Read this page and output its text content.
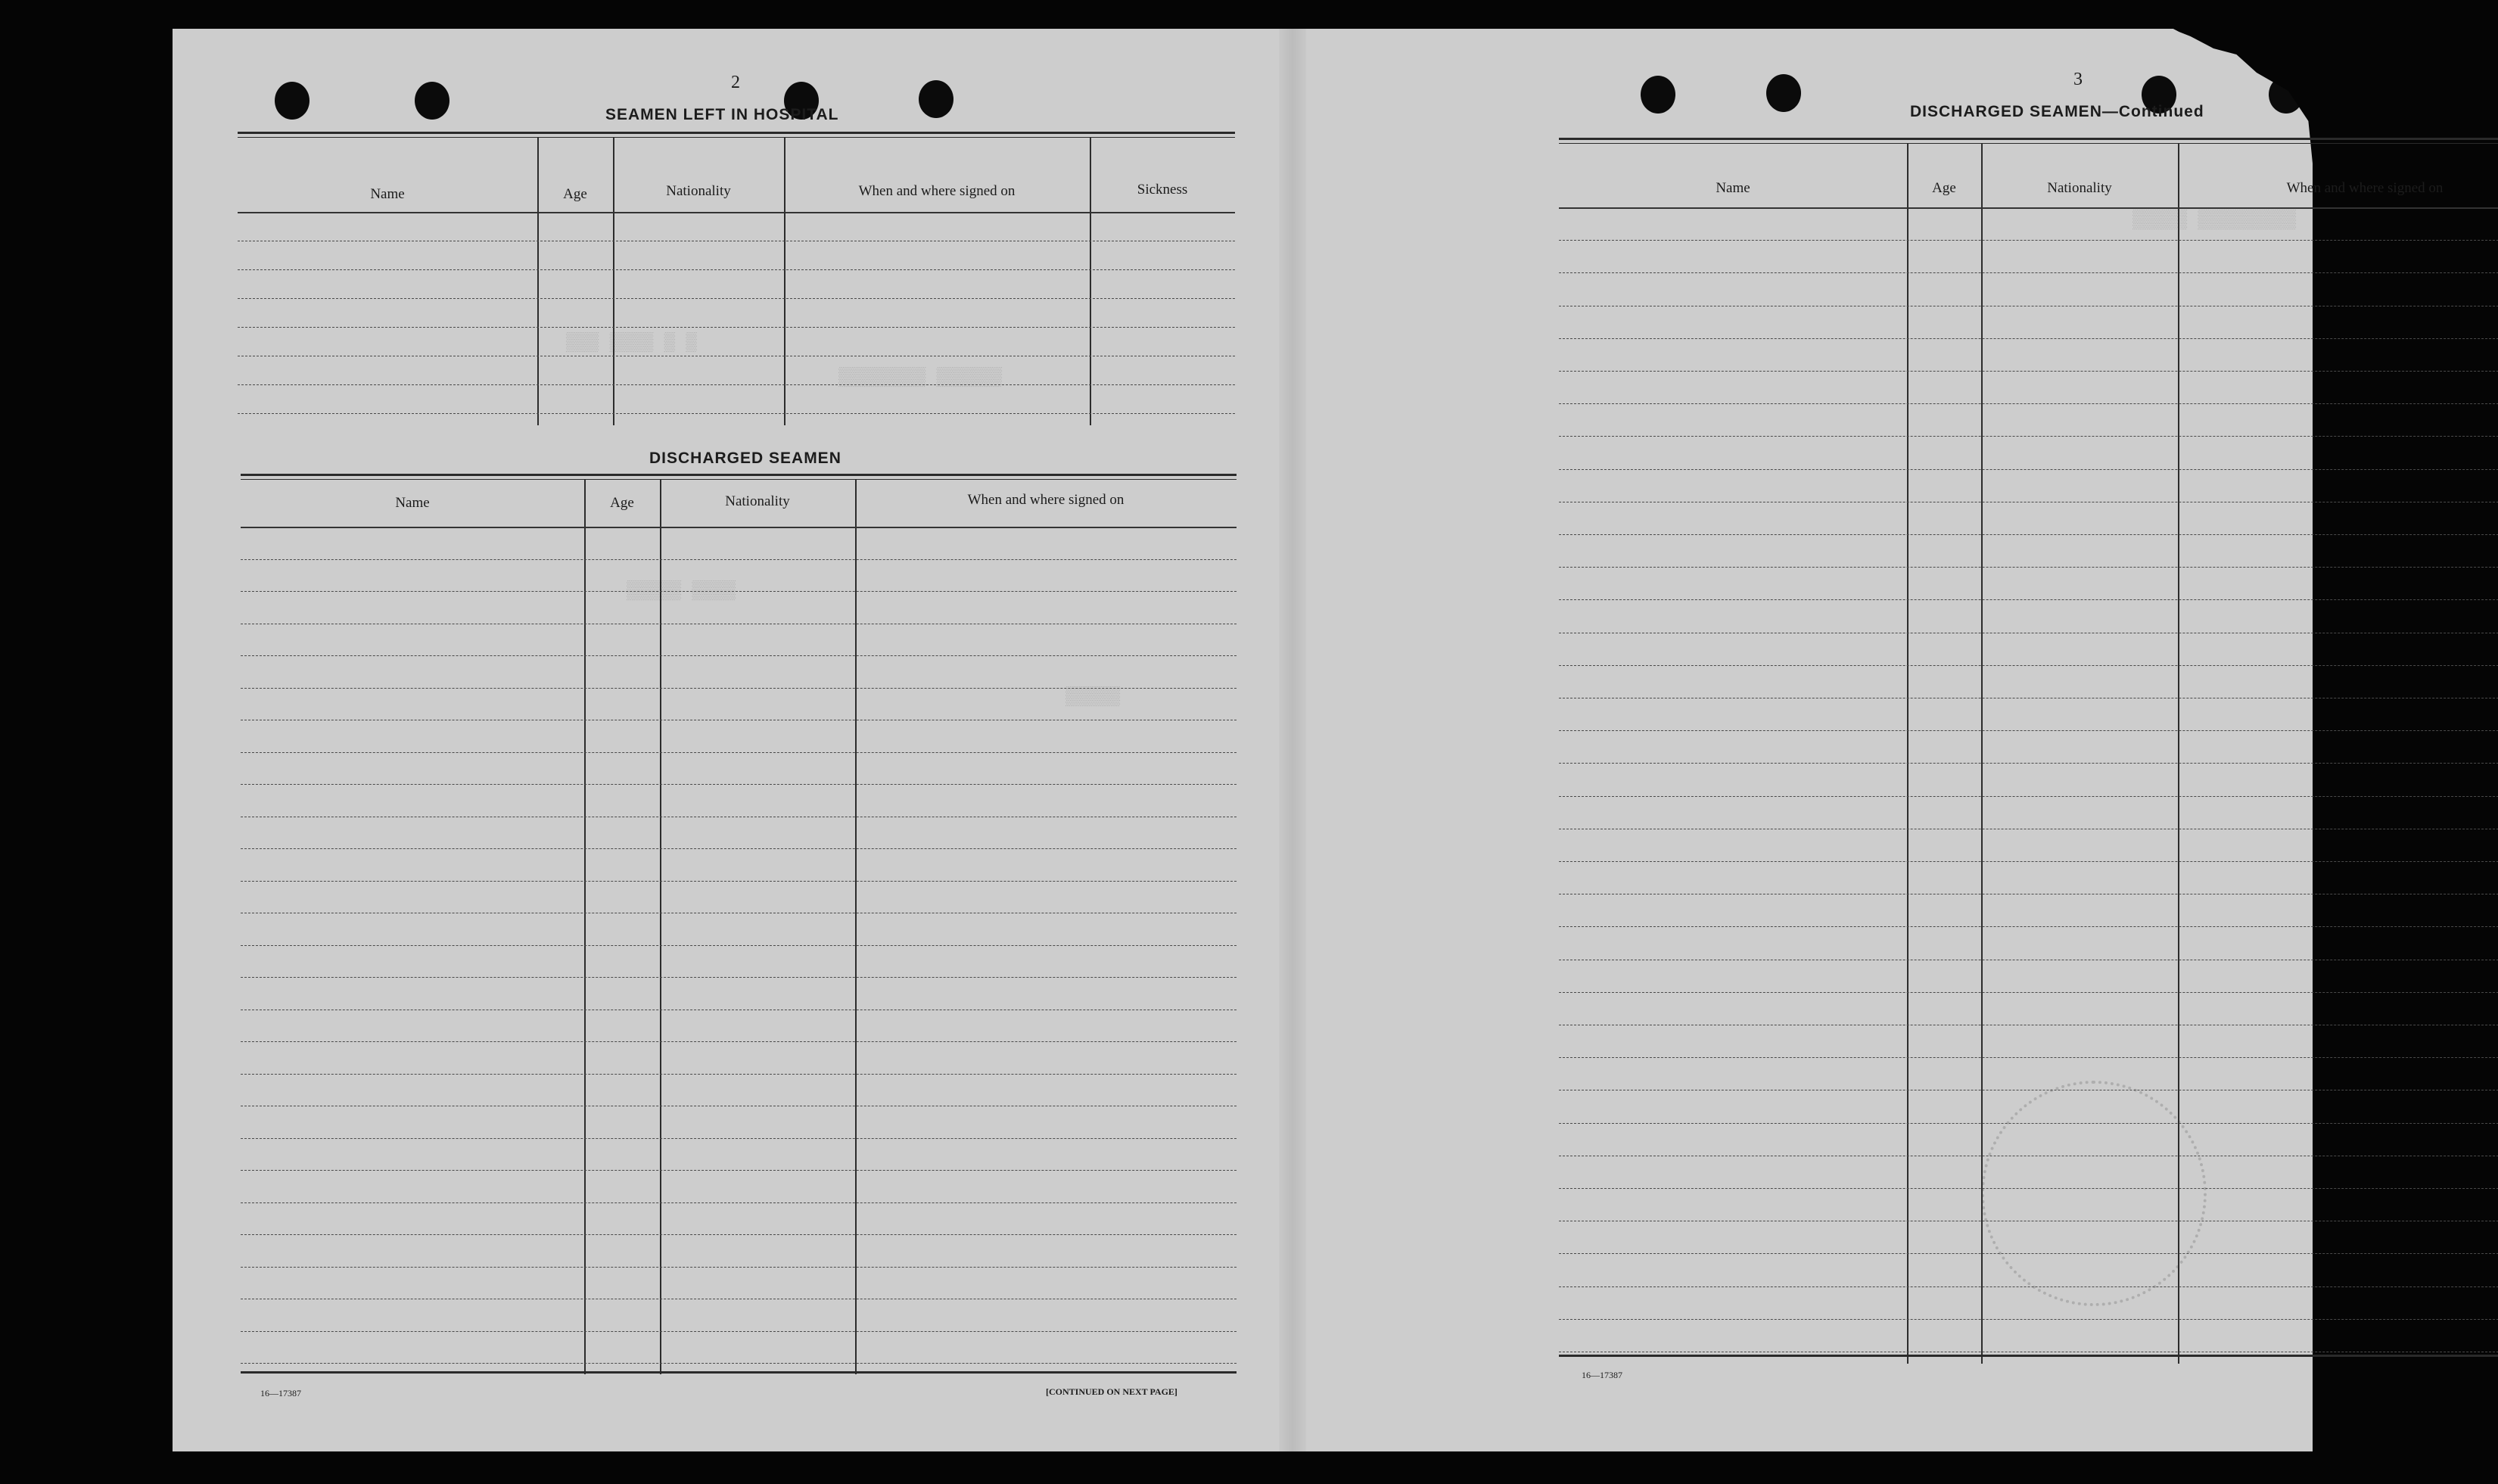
▒▒▒ ▒▒▒▒ ▒ ▒
▒▒▒▒▒▒▒▒ ▒▒▒▒▒▒
▒▒▒▒▒ ▒▒▒▒
▒▒▒▒▒
▒▒▒▒▒ ▒▒▒▒▒▒▒▒▒
2
SEAMEN LEFT IN HOSPITAL
Name	Age	Nationality	When and where signed on	Sickness
DISCHARGED SEAMEN
Name	Age	Nationality	When and where signed on
16—17387	[CONTINUED ON NEXT PAGE]
3
DISCHARGED SEAMEN—Continued
Name	Age	Nationality	When and where signed on
16—17387
